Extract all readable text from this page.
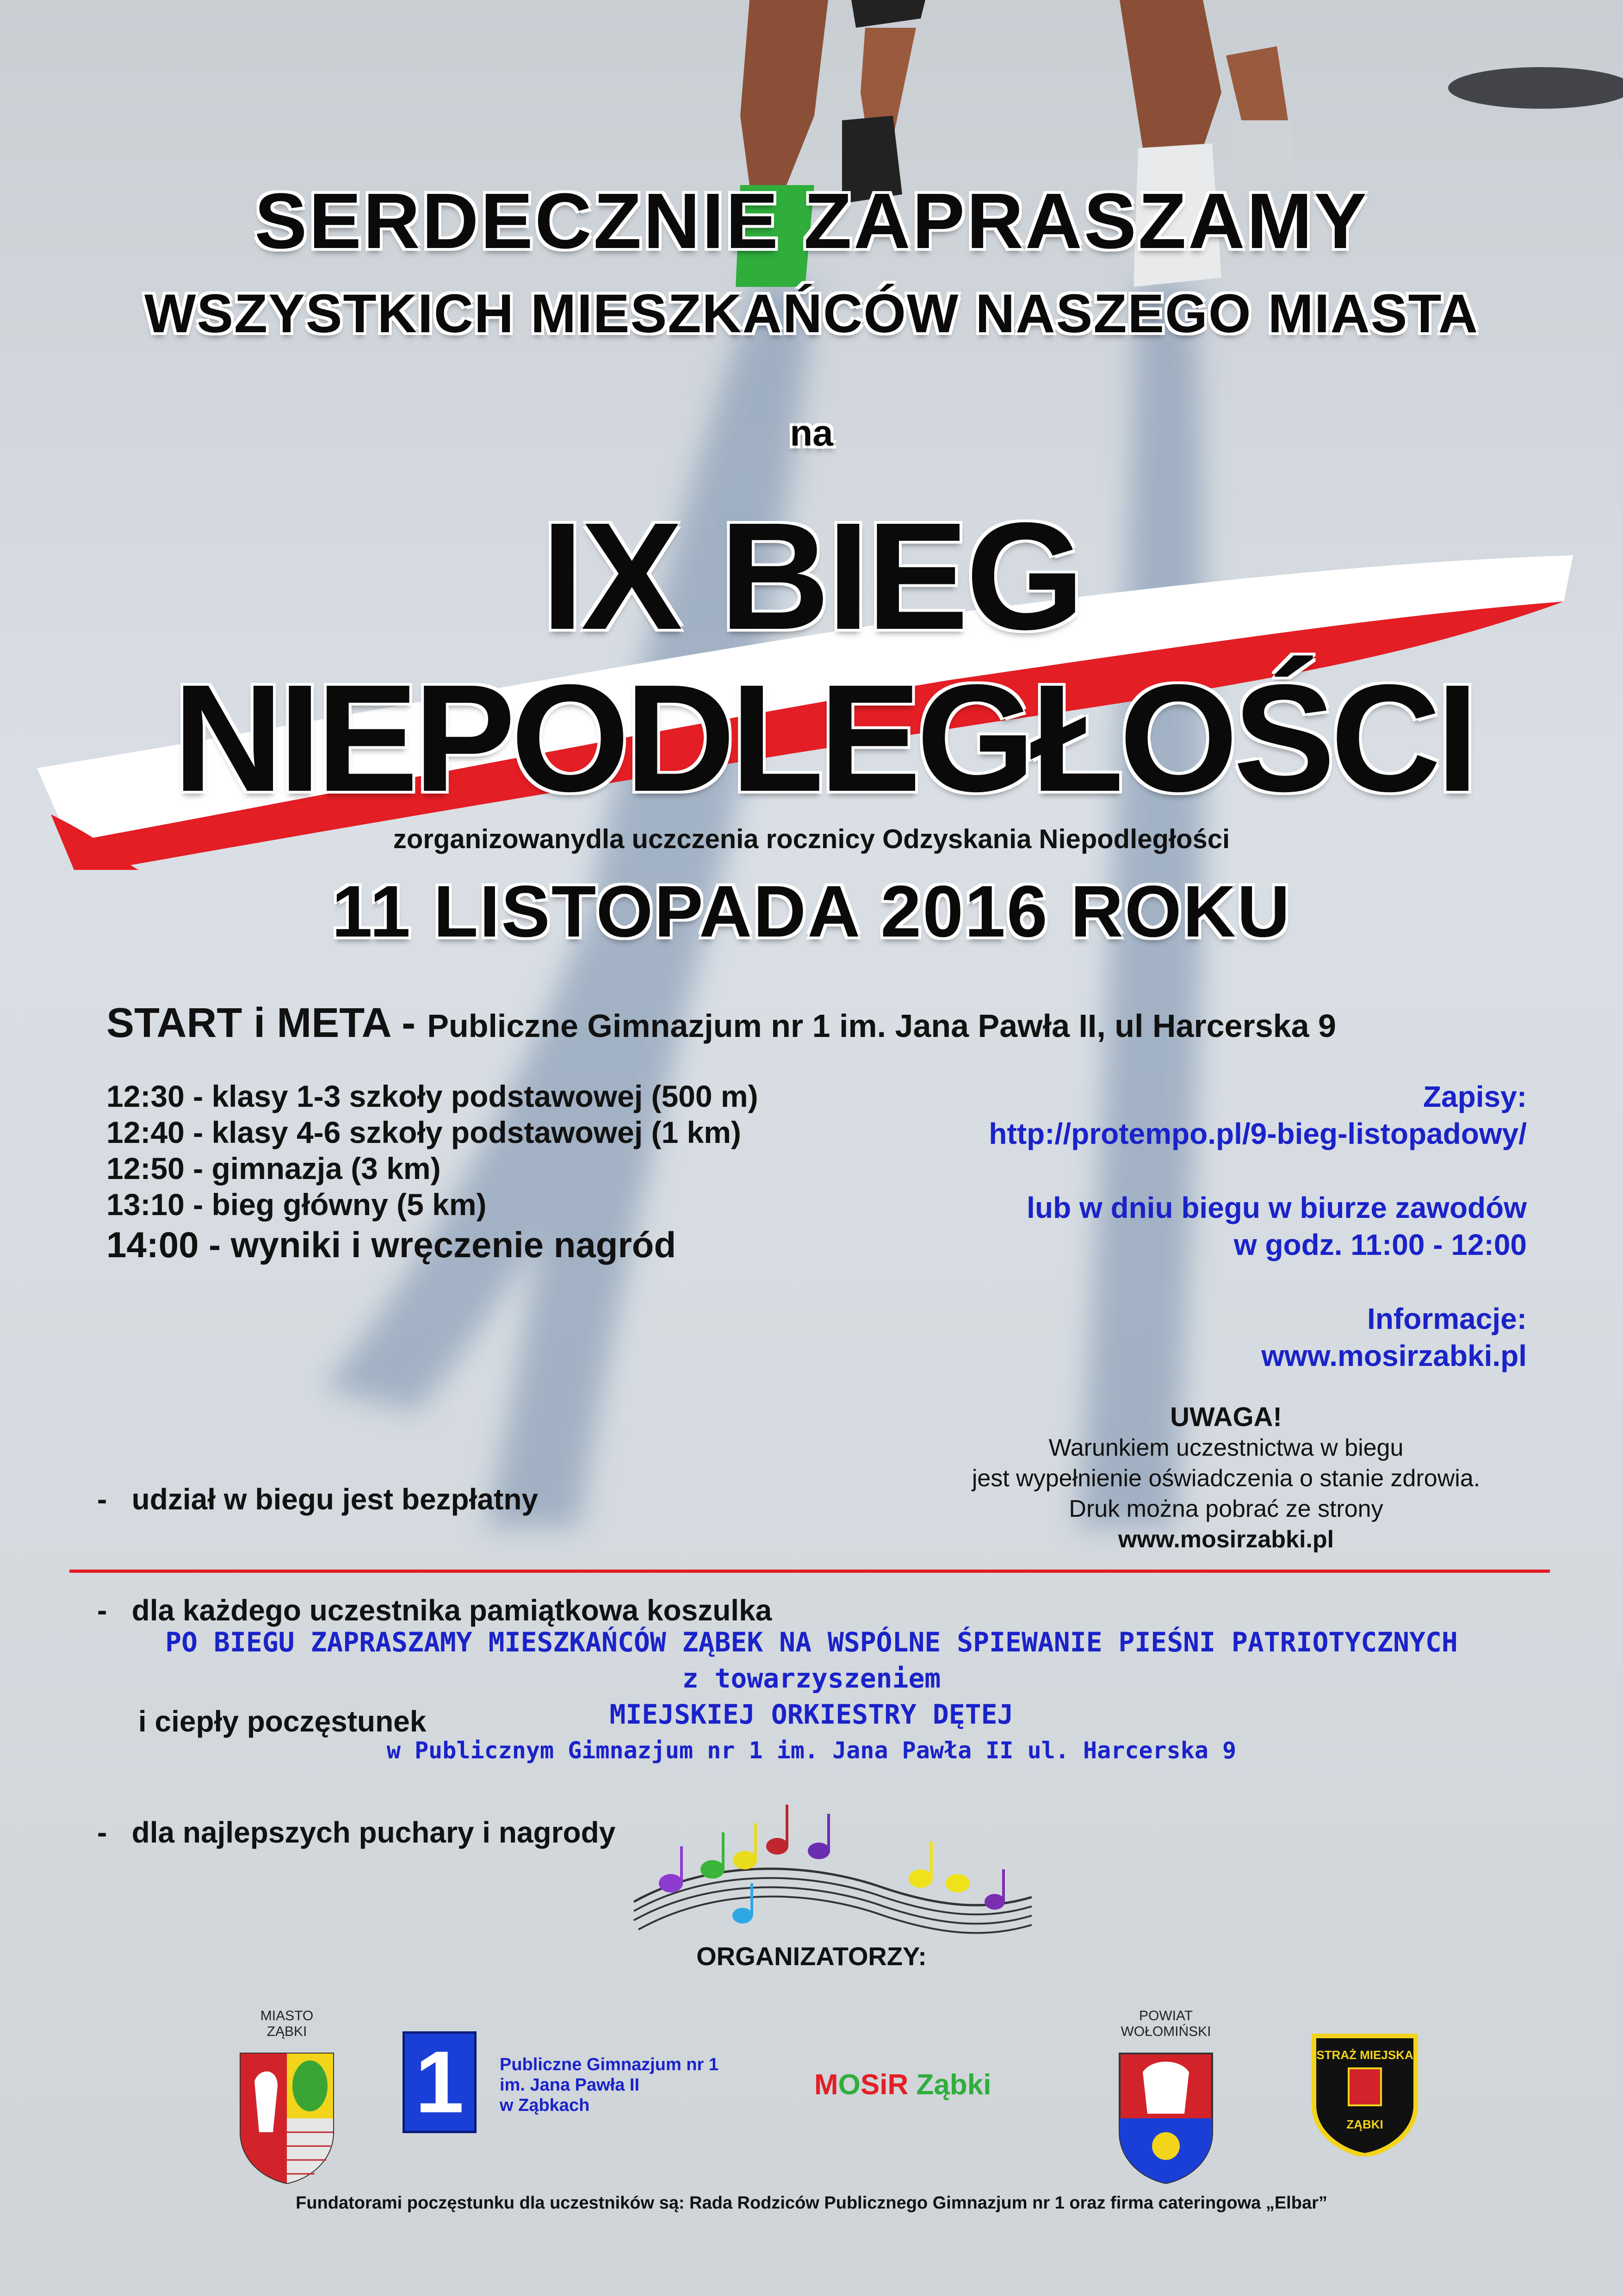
SERDECZNIE ZAPRASZAMY
WSZYSTKICH MIESZKAŃCÓW NASZEGO MIASTA
na
IX BIEG
NIEPODLEGŁOŚCI
zorganizowanydla uczczenia rocznicy Odzyskania Niepodległości
11 LISTOPADA 2016 ROKU
START i META - Publiczne Gimnazjum nr 1 im. Jana Pawła II, ul Harcerska 9
12:30 - klasy 1-3 szkoły podstawowej (500 m)
12:40 - klasy 4-6 szkoły podstawowej (1 km)
12:50 - gimnazja (3 km)
13:10 - bieg główny (5 km)
14:00 - wyniki i wręczenie nagród
Zapisy:
http://protempo.pl/9-bieg-listopadowy/
lub w dniu biegu w biurze zawodów
w godz. 11:00 - 12:00
Informacje:
www.mosirzabki.pl

-   udział w biegu jest bezpłatny

-   dla każdego uczestnika pamiątkowa koszulka

i ciepły poczęstunek

-   dla najlepszych puchary i nagrody

UWAGA!
Warunkiem uczestnictwa w biegu
jest wypełnienie oświadczenia o stanie zdrowia.
Druk można pobrać ze strony
www.mosirzabki.pl
PO BIEGU ZAPRASZAMY MIESZKAŃCÓW ZĄBEK NA WSPÓLNE ŚPIEWANIE PIEŚNI PATRIOTYCZNYCH
z towarzyszeniem
MIEJSKIEJ ORKIESTRY DĘTEJ
w Publicznym Gimnazjum nr 1 im. Jana Pawła II ul. Harcerska 9
ORGANIZATORZY:
MIASTO ZĄBKI
1	Publiczne Gimnazjum nr 1
im. Jana Pawła II
w Ząbkach
MOSiR Ząbki
POWIAT WOŁOMIŃSKI
STRAŻ MIEJSKA
ZĄBKI
Fundatorami poczęstunku dla uczestników są: Rada Rodziców Publicznego Gimnazjum nr 1 oraz firma cateringowa „Elbar”
